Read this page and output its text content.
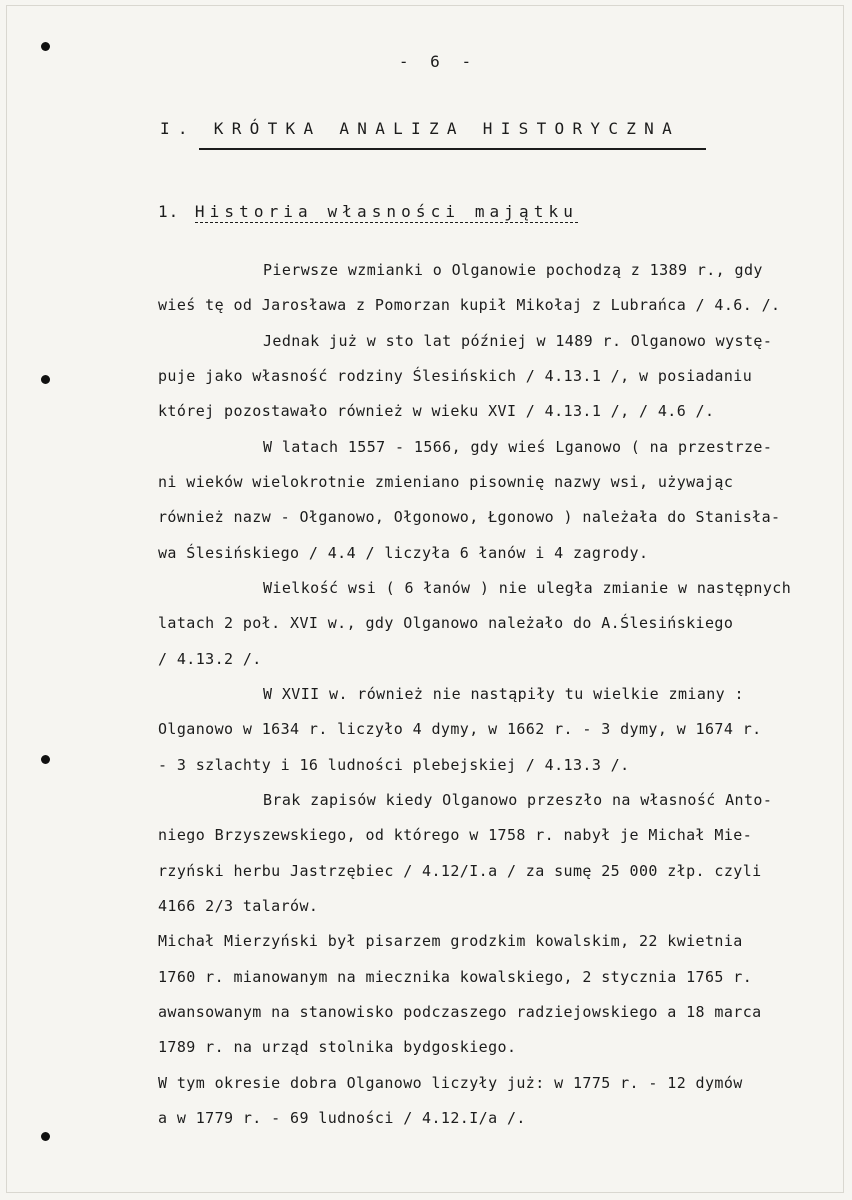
- 6 -
I. KRÓTKA ANALIZA HISTORYCZNA
1. Historia własności majątku
Pierwsze wzmianki o Olganowie pochodzą z 1389 r., gdy
wieś tę od Jarosława z Pomorzan kupił Mikołaj z Lubrańca / 4.6. /.
Jednak już w sto lat później w 1489 r. Olganowo wystę-
puje jako własność rodziny Ślesińskich / 4.13.1 /, w posiadaniu
której pozostawało również w wieku XVI / 4.13.1 /, / 4.6 /.
W latach 1557 - 1566, gdy wieś Lganowo ( na przestrze-
ni wieków wielokrotnie zmieniano pisownię nazwy wsi, używając
również nazw - Ołganowo, Ołgonowo, Łgonowo ) należała do Stanisła-
wa Ślesińskiego / 4.4 / liczyła 6 łanów i 4 zagrody.
Wielkość wsi ( 6 łanów ) nie uległa zmianie w następnych
latach 2 poł. XVI w., gdy Olganowo należało do A.Ślesińskiego
/ 4.13.2 /.
W XVII w. również nie nastąpiły tu wielkie zmiany :
Olganowo w 1634 r. liczyło 4 dymy, w 1662 r. - 3 dymy, w 1674 r.
- 3 szlachty i 16 ludności plebejskiej / 4.13.3 /.
Brak zapisów kiedy Olganowo przeszło na własność Anto-
niego Brzyszewskiego, od którego w 1758 r. nabył je Michał Mie-
rzyński herbu Jastrzębiec / 4.12/I.a / za sumę 25 000 złp. czyli
4166 2/3 talarów.
Michał Mierzyński był pisarzem grodzkim kowalskim, 22 kwietnia
1760 r. mianowanym na miecznika kowalskiego, 2 stycznia 1765 r.
awansowanym na stanowisko podczaszego radziejowskiego a 18 marca
1789 r. na urząd stolnika bydgoskiego.
W tym okresie dobra Olganowo liczyły już: w 1775 r. - 12 dymów
a w 1779 r. - 69 ludności / 4.12.I/a /.
